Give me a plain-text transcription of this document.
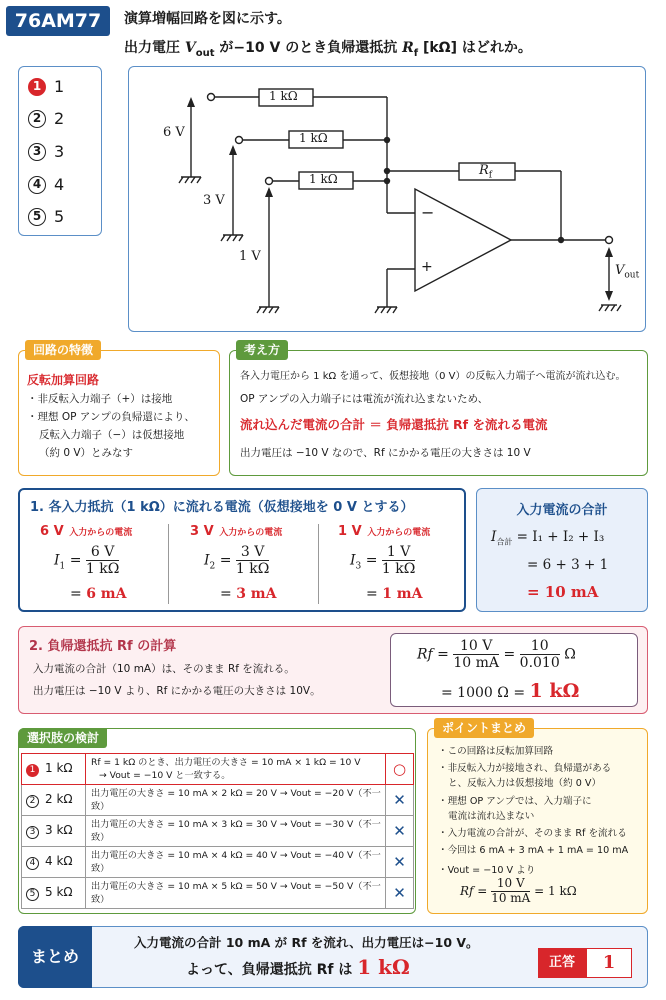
76AM77	演算増幅回路を図に示す。
出力電圧 $V_{out}$ が−10 V のとき負帰還抵抗 $R_f$ [kΩ] はどれか。
1 1
2 2
3 3
4 4
5 5
1 kΩ
1 kΩ
1 kΩ
$R_f$
6 V
3 V
1 V
−
+	$V_{out}$
回路の特徴
反転加算回路
・非反転入力端子（+）は接地
・理想 OP アンプの負帰還により、
反転入力端子（−）は仮想接地
（約 0 V）とみなす
考え方
各入力電圧から 1 kΩ を通って、仮想接地（0 V）の反転入力端子へ電流が流れ込む。
OP アンプの入力端子には電流が流れ込まないため、
流れ込んだ電流の合計 ＝ 負帰還抵抗 Rf を流れる電流
出力電圧は −10 V なので、Rf にかかる電圧の大きさは 10 V
1. 各入力抵抗（1 kΩ）に流れる電流（仮想接地を 0 V とする）
6 V 入力からの電流
$I_1 = \frac{6 V}{1 k\Omega}$
= 6 mA
3 V 入力からの電流
$I_2 = \frac{3 V}{1 k\Omega}$
= 3 mA
1 V 入力からの電流
$I_3 = \frac{1 V}{1 k\Omega}$
= 1 mA
入力電流の合計
$I_{合計} = I_1 + I_2 + I_3$
= 6 + 3 + 1
= 10 mA
2. 負帰還抵抗 Rf の計算
入力電流の合計（10 mA）は、そのまま Rf を流れる。
出力電圧は −10 V より、Rf にかかる電圧の大きさは 10V。
$Rf = \frac{10 V}{10 mA} = \frac{10}{0.010}$ Ω
= 1000 Ω = 1 kΩ
選択肢の検討
1 1 kΩ	Rf = 1 kΩ のとき、出力電圧の大きさ = 10 mA × 1 kΩ = 10 V
→ Vout = −10 V と一致する。	○
2 2 kΩ	出力電圧の大きさ = 10 mA × 2 kΩ = 20 V → Vout = −20 V（不一致）	✕
3 3 kΩ	出力電圧の大きさ = 10 mA × 3 kΩ = 30 V → Vout = −30 V（不一致）	✕
4 4 kΩ	出力電圧の大きさ = 10 mA × 4 kΩ = 40 V → Vout = −40 V（不一致）	✕
5 5 kΩ	出力電圧の大きさ = 10 mA × 5 kΩ = 50 V → Vout = −50 V（不一致）	✕
ポイントまとめ
・この回路は反転加算回路
・非反転入力が接地され、負帰還がある
と、反転入力は仮想接地（約 0 V）
・理想 OP アンプでは、入力端子に
電流は流れ込まない
・入力電流の合計が、そのまま Rf を流れる
・今回は 6 mA + 3 mA + 1 mA = 10 mA
・Vout = −10 V より
$Rf = \frac{10 V}{10 mA} = 1$ kΩ
まとめ
入力電流の合計 10 mA が Rf を流れ、出力電圧は−10 V。
よって、負帰還抵抗 Rf は 1 kΩ	正答	1
